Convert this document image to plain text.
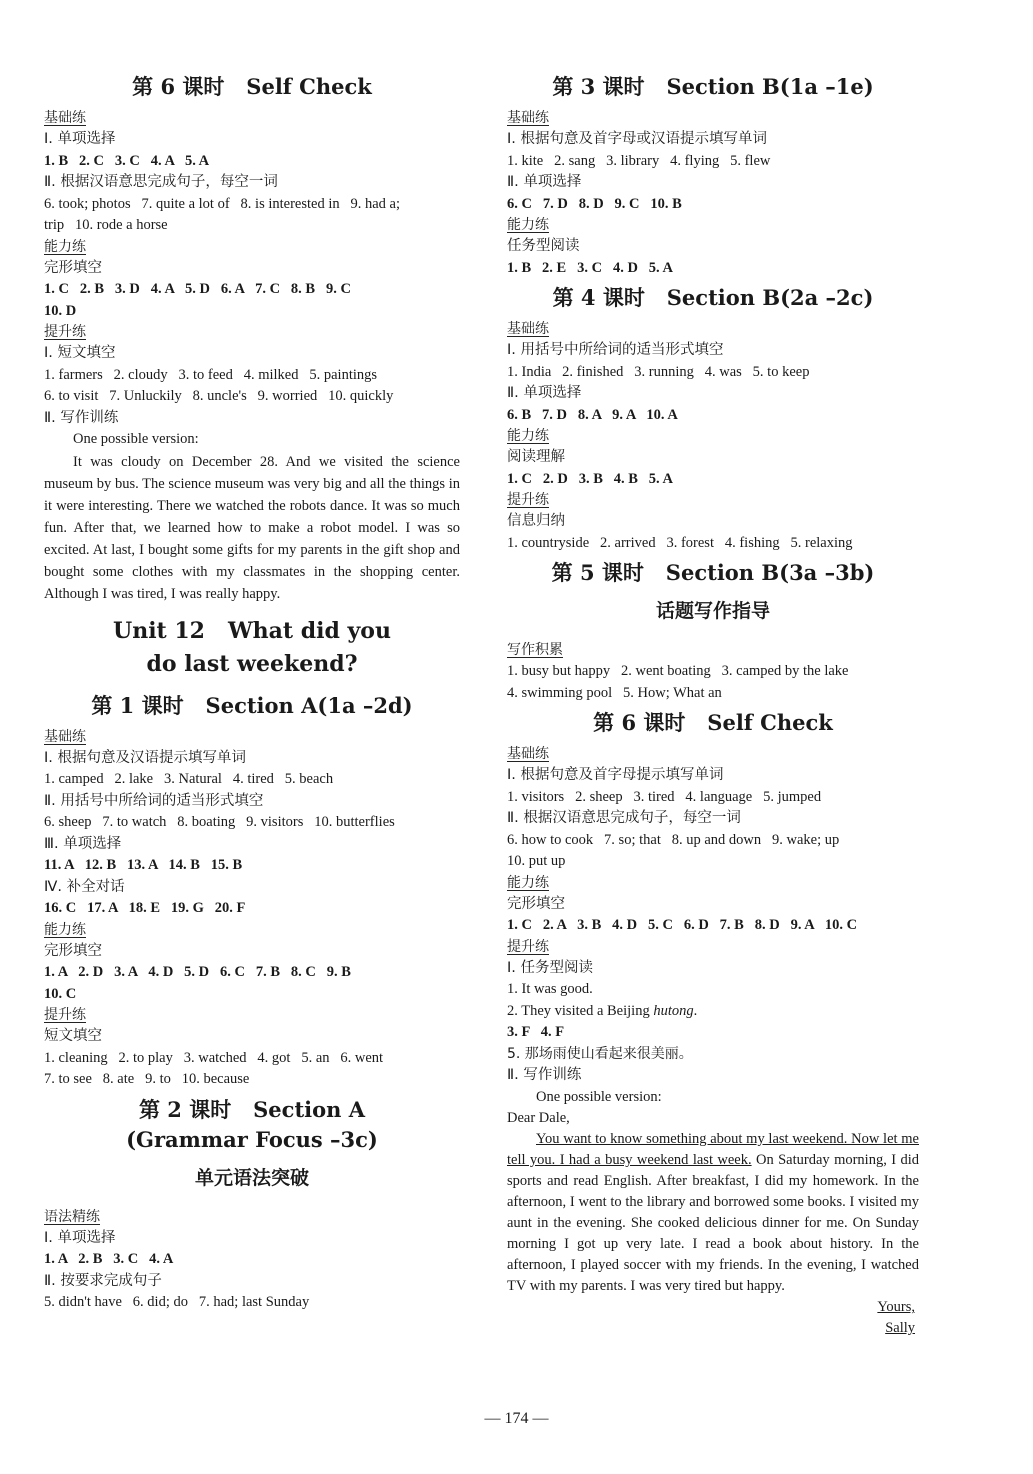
第 6 课时   Self Check
基础练
Ⅰ. 单项选择
1. B   2. C   3. C   4. A   5. A
Ⅱ. 根据汉语意思完成句子，每空一词
6. took; photos   7. quite a lot of   8. is interested in   9. had a;
trip   10. rode a horse
能力练
完形填空
1. C   2. B   3. D   4. A   5. D   6. A   7. C   8. B   9. C
10. D
提升练
Ⅰ. 短文填空
1. farmers   2. cloudy   3. to feed   4. milked   5. paintings
6. to visit   7. Unluckily   8. uncle's   9. worried   10. quickly
Ⅱ. 写作训练
One possible version:
It was cloudy on December 28. And we visited the science museum by bus. The science museum was very big and all the things in it were interesting. There we watched the robots dance. It was so much fun. After that, we learned how to make a robot model. I was so excited. At last, I bought some gifts for my parents in the gift shop and bought some clothes with my classmates in the shopping center. Although I was tired, I was really happy.
Unit 12   What did you
do last weekend?
第 1 课时   Section A(1a –2d)
基础练
Ⅰ. 根据句意及汉语提示填写单词
1. camped   2. lake   3. Natural   4. tired   5. beach
Ⅱ. 用括号中所给词的适当形式填空
6. sheep   7. to watch   8. boating   9. visitors   10. butterflies
Ⅲ. 单项选择
11. A   12. B   13. A   14. B   15. B
Ⅳ. 补全对话
16. C   17. A   18. E   19. G   20. F
能力练
完形填空
1. A   2. D   3. A   4. D   5. D   6. C   7. B   8. C   9. B
10. C
提升练
短文填空
1. cleaning   2. to play   3. watched   4. got   5. an   6. went
7. to see   8. ate   9. to   10. because
第 2 课时   Section A
(Grammar Focus –3c)
单元语法突破
语法精练
Ⅰ. 单项选择
1. A   2. B   3. C   4. A
Ⅱ. 按要求完成句子
5. didn't have   6. did; do   7. had; last Sunday
第 3 课时   Section B(1a –1e)
基础练
Ⅰ. 根据句意及首字母或汉语提示填写单词
1. kite   2. sang   3. library   4. flying   5. flew
Ⅱ. 单项选择
6. C   7. D   8. D   9. C   10. B
能力练
任务型阅读
1. B   2. E   3. C   4. D   5. A
第 4 课时   Section B(2a –2c)
基础练
Ⅰ. 用括号中所给词的适当形式填空
1. India   2. finished   3. running   4. was   5. to keep
Ⅱ. 单项选择
6. B   7. D   8. A   9. A   10. A
能力练
阅读理解
1. C   2. D   3. B   4. B   5. A
提升练
信息归纳
1. countryside   2. arrived   3. forest   4. fishing   5. relaxing
第 5 课时   Section B(3a –3b)
话题写作指导
写作积累
1. busy but happy   2. went boating   3. camped by the lake
4. swimming pool   5. How; What an
第 6 课时   Self Check
基础练
Ⅰ. 根据句意及首字母提示填写单词
1. visitors   2. sheep   3. tired   4. language   5. jumped
Ⅱ. 根据汉语意思完成句子，每空一词
6. how to cook   7. so; that   8. up and down   9. wake; up
10. put up
能力练
完形填空
1. C   2. A   3. B   4. D   5. C   6. D   7. B   8. D   9. A   10. C
提升练
Ⅰ. 任务型阅读
1. It was good.
2. They visited a Beijing hutong.
3. F   4. F
5. 那场雨使山看起来很美丽。
Ⅱ. 写作训练
One possible version:

Dear Dale,

You want to know something about my last weekend. Now let me tell you. I had a busy weekend last week. On Saturday morning, I did sports and read English. After breakfast, I did my homework. In the afternoon, I went to the library and borrowed some books. I visited my aunt in the evening. She cooked delicious dinner for me. On Sunday morning I got up very late. I read a book about history. In the afternoon, I played soccer with my friends. In the evening, I watched TV with my parents. I was very tired but happy.

Yours,
Sally
— 174 —
